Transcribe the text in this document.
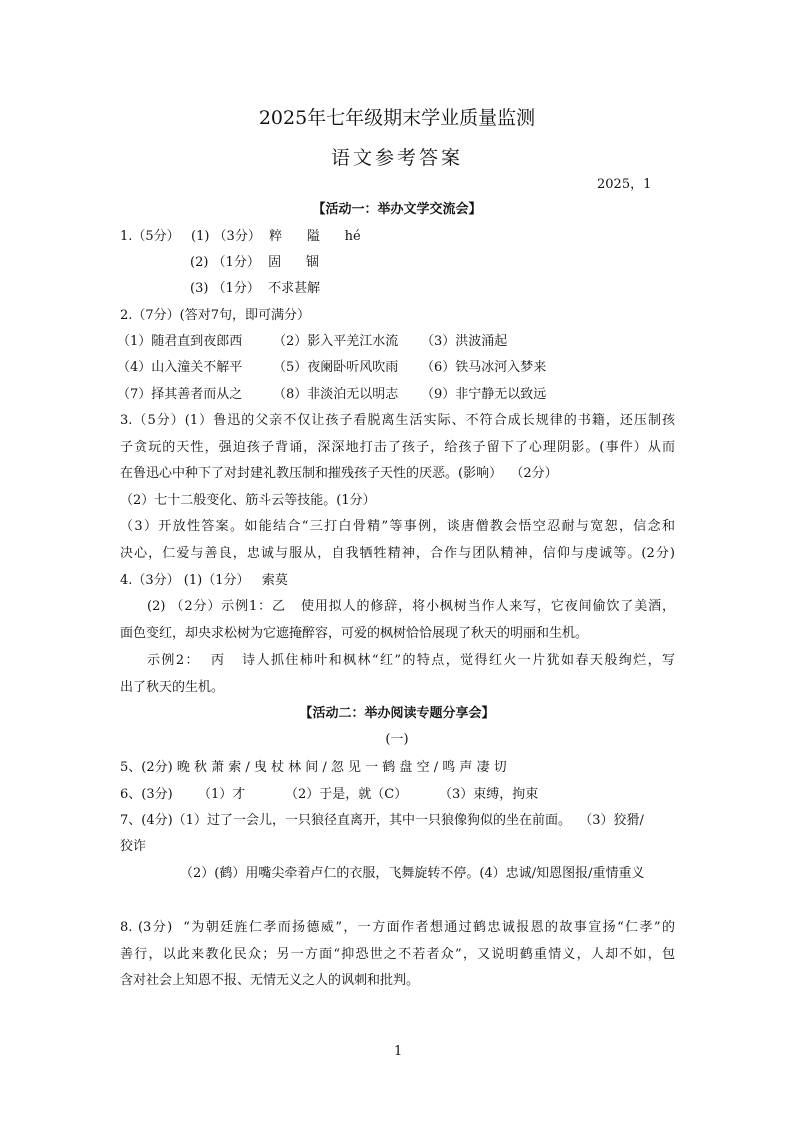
2025年七年级期末学业质量监测
语文参考答案
2025，1
【活动一：举办文学交流会】
1.（5分） (1) （3分）  粹      隘      hé
(2) （1分）  固      锢
(3) （1分）  不求甚解
2.（7分）(答对7句，即可满分）
（1）随君直到夜郎西 （2）影入平羌江水流 （3）洪波涌起
（4）山入潼关不解平 （5）夜阑卧听风吹雨 （6）铁马冰河入梦来
（7）择其善者而从之 （8）非淡泊无以明志 （9）非宁静无以致远
3.（5分）(1）鲁迅的父亲不仅让孩子看脱离生活实际、不符合成长规律的书籍，还压制孩
子贪玩的天性，强迫孩子背诵，深深地打击了孩子，给孩子留下了心理阴影。(事件）从而
在鲁迅心中种下了对封建礼教压制和摧残孩子天性的厌恶。(影响）  （2分）
（2）七十二般变化、筋斗云等技能。(1分）
（3）开放性答案。如能结合“三打白骨精”等事例，谈唐僧教会悟空忍耐与宽恕，信念和
决心，仁爱与善良，忠诚与服从，自我牺牲精神，合作与团队精神，信仰与虔诚等。(2分)
4.（3分） (1)（1分）   索莫
(2) （2分）示例1：乙   使用拟人的修辞，将小枫树当作人来写，它夜间偷饮了美酒，
面色变红，却央求松树为它遮掩醉容，可爱的枫树恰恰展现了秋天的明丽和生机。
示例2：  丙   诗人抓住柿叶和枫林“红”的特点，觉得红火一片犹如春天般绚烂，写
出了秋天的生机。
【活动二：举办阅读专题分享会】
(一)
5、(2分) 晚 秋 萧 索 / 曳 杖 林 间 / 忽 见 一 鹤 盘 空 / 鸣 声 凄 切
6、(3分) （1）才	（2）于是，就（C） （3）束缚，拘束
7、(4分)（1）过了一会儿，一只狼径直离开，其中一只狼像狗似的坐在前面。  （3）狡猾/
狡诈
（2）(鹤）用嘴尖牵着卢仁的衣服，飞舞旋转不停。(4）忠诚/知恩图报/重情重义
8. (3分)  “为朝廷旌仁孝而扬德威”，一方面作者想通过鹤忠诚报恩的故事宣扬“仁孝”的
善行，以此来教化民众；另一方面“抑恐世之不若者众”，又说明鹤重情义，人却不如，包
含对社会上知恩不报、无情无义之人的讽刺和批判。
1
